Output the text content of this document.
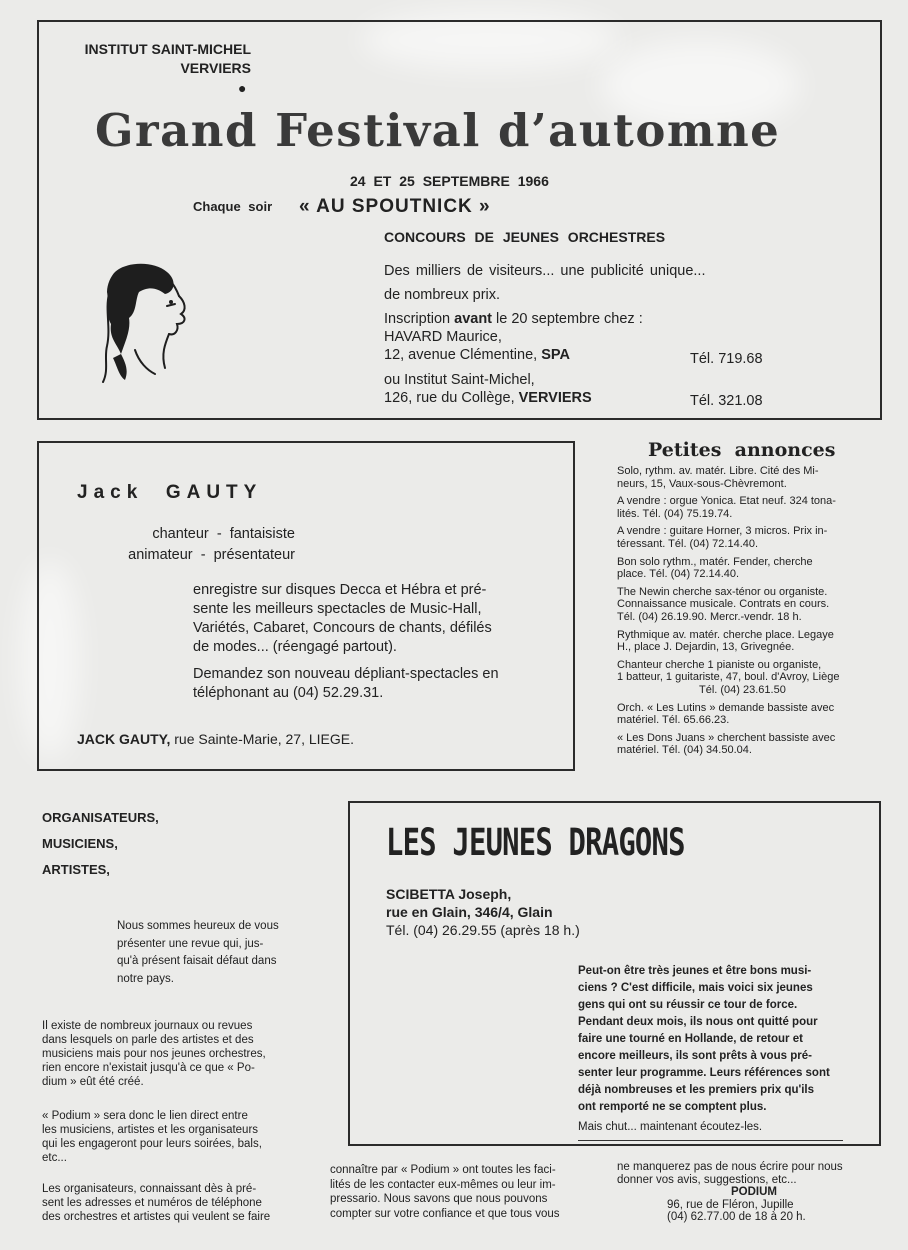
INSTITUT SAINT-MICHEL
VERVIERS
●
Grand Festival d’automne
24 ET 25 SEPTEMBRE 1966
Chaque soir « AU SPOUTNICK »
CONCOURS DE JEUNES ORCHESTRES
Des milliers de visiteurs... une publicité unique...
de nombreux prix.
Inscription avant le 20 septembre chez :
HAVARD Maurice,
12, avenue Clémentine, SPA
ou Institut Saint-Michel,
126, rue du Collège, VERVIERS
Tél. 719.68
Tél. 321.08
Jack  GAUTY
chanteur  -  fantaisiste
animateur  -  présentateur
enregistre sur disques Decca et Hébra et pré-
sente les meilleurs spectacles de Music-Hall,
Variétés, Cabaret, Concours de chants, défilés
de modes... (réengagé partout).
Demandez son nouveau dépliant-spectacles en
téléphonant au (04) 52.29.31.
JACK GAUTY, rue Sainte-Marie, 27, LIEGE.
Petites  annonces

Solo, rythm. av. matér. Libre. Cité des Mi-
neurs, 15, Vaux-sous-Chèvremont.

A vendre : orgue Yonica. Etat neuf. 324 tona-
lités. Tél. (04) 75.19.74.

A vendre : guitare Horner, 3 micros. Prix in-
téressant. Tél. (04) 72.14.40.

Bon solo rythm., matér. Fender, cherche
place. Tél. (04) 72.14.40.

The Newin cherche sax-ténor ou organiste.
Connaissance musicale. Contrats en cours.
Tél. (04) 26.19.90. Mercr.-vendr. 18 h.

Rythmique av. matér. cherche place. Legaye
H., place J. Dejardin, 13, Grivegnée.

Chanteur cherche 1 pianiste ou organiste,
1 batteur, 1 guitariste, 47, boul. d'Avroy, Liège
Tél. (04) 23.61.50

Orch. « Les Lutins » demande bassiste avec
matériel. Tél. 65.66.23.

« Les Dons Juans » cherchent bassiste avec
matériel. Tél. (04) 34.50.04.

ORGANISATEURS,
MUSICIENS,
ARTISTES,
Nous sommes heureux de vous
présenter une revue qui, jus-
qu'à présent faisait défaut dans
notre pays.
Il existe de nombreux journaux ou revues
dans lesquels on parle des artistes et des
musiciens mais pour nos jeunes orchestres,
rien encore n'existait jusqu'à ce que « Po-
dium » eût été créé.
« Podium » sera donc le lien direct entre
les musiciens, artistes et les organisateurs
qui les engageront pour leurs soirées, bals,
etc...
Les organisateurs, connaissant dès à pré-
sent les adresses et numéros de téléphone
des orchestres et artistes qui veulent se faire
LES JEUNES DRAGONS
SCIBETTA Joseph,
rue en Glain, 346/4, Glain
Tél. (04) 26.29.55 (après 18 h.)
Peut-on être très jeunes et être bons musi-
ciens ? C'est difficile, mais voici six jeunes
gens qui ont su réussir ce tour de force.
Pendant deux mois, ils nous ont quitté pour
faire une tourné en Hollande, de retour et
encore meilleurs, ils sont prêts à vous pré-
senter leur programme. Leurs références sont
déjà nombreuses et les premiers prix qu'ils
ont remporté ne se comptent plus.
Mais chut... maintenant écoutez-les.
connaître par « Podium » ont toutes les faci-
lités de les contacter eux-mêmes ou leur im-
pressario. Nous savons que nous pouvons
compter sur votre confiance et que tous vous
ne manquerez pas de nous écrire pour nous
donner vos avis, suggestions, etc...
PODIUM
96, rue de Fléron, Jupille
(04) 62.77.00 de 18 à 20 h.
